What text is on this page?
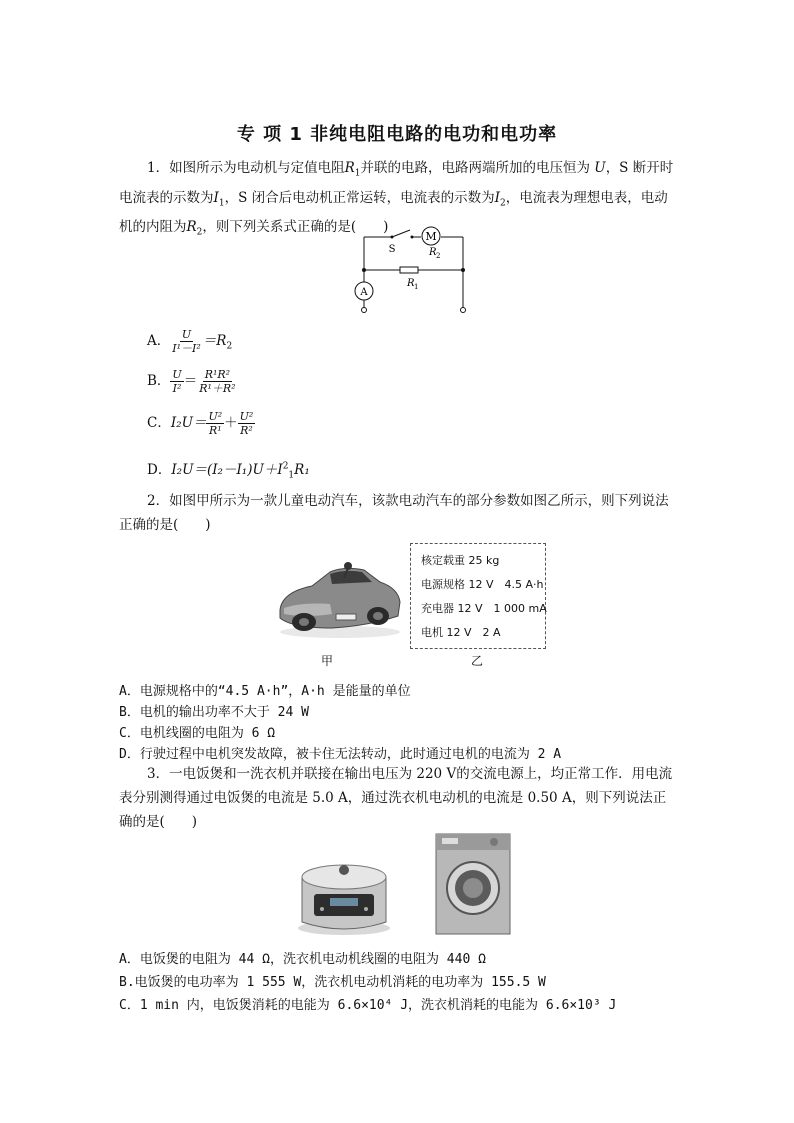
专 项 1 非纯电阻电路的电功和电功率
1．如图所示为电动机与定值电阻$R_1$并联的电路，电路两端所加的电压恒为 U，S 断开时电流表的示数为$I_1$，S 闭合后电动机正常运转，电流表的示数为$I_2$，电流表为理想电表，电动机的内阻为$R_2$，则下列关系式正确的是(　　)
M
S	R 2
R 1
A
A． $\frac{U}{\text{I¹－I²}} =R_2$
B． $\frac{U}{\text{I²}} = \frac{\text{R¹R²}}{\text{R¹＋R²}}$
C．$I_2U= \frac{\text{U²}}{\text{R¹}} + \frac{\text{U²}}{\text{R²}}$
D．$I_2U=(I_2-I_1)U+I^2_1R_1$
2．如图甲所示为一款儿童电动汽车，该款电动汽车的部分参数如图乙所示，则下列说法正确的是(　　)
核定载重 25 kg
电源规格 12 V　4.5 A·h
充电器 12 V　1 000 mA
电机 12 V　2 A
甲	乙
A．电源规格中的“4.5 A·h”，A·h 是能量的单位
B．电机的输出功率不大于 24 W
C．电机线圈的电阻为 6 Ω
D．行驶过程中电机突发故障，被卡住无法转动，此时通过电机的电流为 2 A
3．一电饭煲和一洗衣机并联接在输出电压为 220 V的交流电源上，均正常工作．用电流表分别测得通过电饭煲的电流是 5.0 A，通过洗衣机电动机的电流是 0.50 A，则下列说法正确的是(　　)
A．电饭煲的电阻为 44 Ω，洗衣机电动机线圈的电阻为 440 Ω
B.电饭煲的电功率为 1 555 W，洗衣机电动机消耗的电功率为 155.5 W
C．1 min 内，电饭煲消耗的电能为 6.6×10⁴ J，洗衣机消耗的电能为 6.6×10³ J
